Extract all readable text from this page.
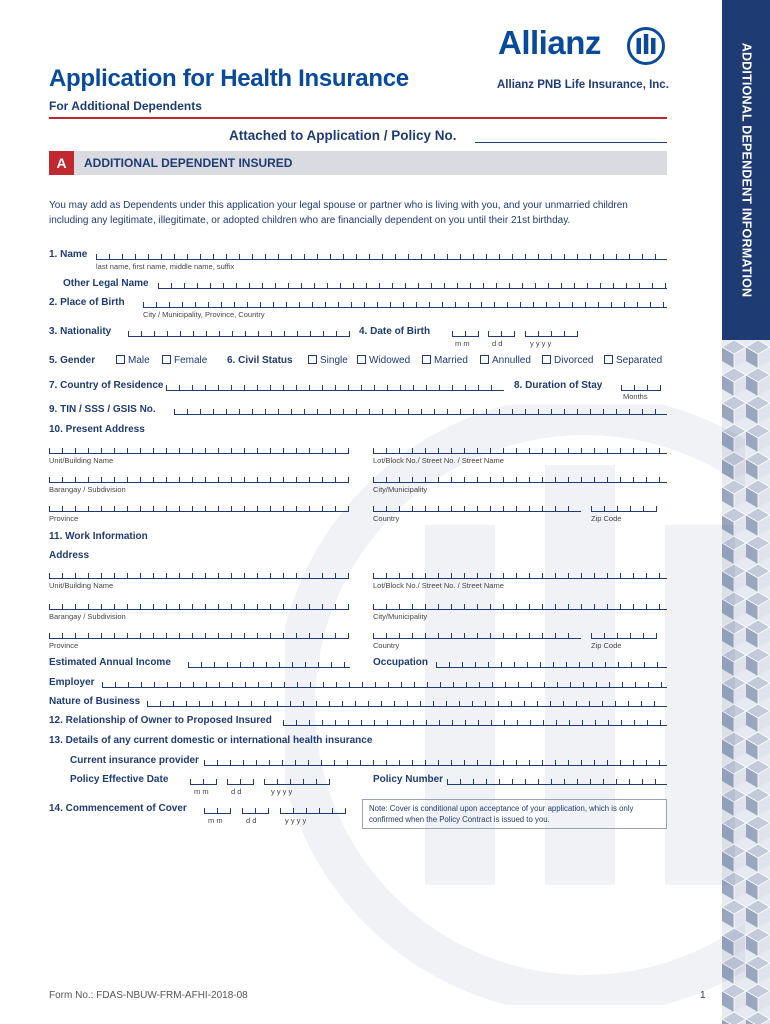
ADDITIONAL DEPENDENT INFORMATION
Allianz
Allianz PNB Life Insurance, Inc.
Application for Health Insurance
For Additional Dependents
Attached to Application / Policy No.
A ADDITIONAL DEPENDENT INSURED
You may add as Dependents under this application your legal spouse or partner who is living with you, and your unmarried children including any legitimate, illegitimate, or adopted children who are financially dependent on you until their 21st birthday.
1. Name
last name, first name, middle name, suffix
Other Legal Name
2. Place of Birth
City / Municipality, Province, Country
3. Nationality	4. Date of Birth
m m	d d	y y y y
5. Gender	Male	Female 6. Civil Status	Single	Widowed	Married	Annulled	Divorced	Separated
7. Country of Residence	8. Duration of Stay
Months
9. TIN / SSS / GSIS No.
10. Present Address
Unit/Building Name	Lot/Block No./ Street No. / Street Name
Barangay / Subdivision	City/Municipality
Province	Country	Zip Code
11. Work Information
Address
Unit/Building Name	Lot/Block No./ Street No. / Street Name
Barangay / Subdivision	City/Municipality
Province	Country	Zip Code
Estimated Annual Income	Occupation
Employer
Nature of Business
12. Relationship of Owner to Proposed Insured
13. Details of any current domestic or international health insurance
Current insurance provider
Policy Effective Date
m m	d d	y y y y
Policy Number
14. Commencement of Cover
m m	d d	y y y y
Note: Cover is conditional upon acceptance of your application, which is only confirmed when the Policy Contract is issued to you.
Form No.: FDAS-NBUW-FRM-AFHI-2018-08	1
